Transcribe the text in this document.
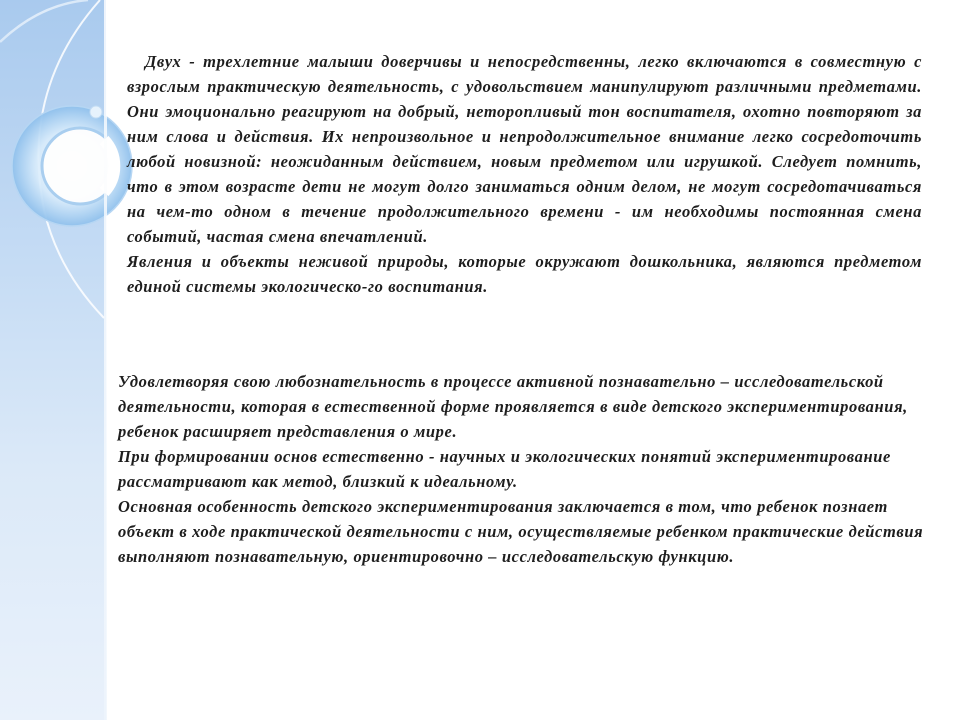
Двух - трехлетние малыши доверчивы и непосредственны, легко включаются в совместную с взрослым практическую деятельность, с удовольствием манипулируют различными предметами. Они эмоционально реагируют на добрый, неторопливый тон воспитателя, охотно повторяют за ним слова и действия. Их непроизвольное и непродолжительное внимание легко сосредоточить любой новизной: неожиданным действием, новым предметом или игрушкой. Следует помнить, что в этом возрасте дети не могут долго заниматься одним делом, не могут сосредотачиваться на чем-то одном в течение продолжительного времени - им необходимы постоянная смена событий, частая смена впечатлений.

Явления и объекты неживой природы, которые окружают дошкольника, являются предметом единой системы экологическо-го воспитания.

Удовлетворяя свою любознательность в процессе активной познавательно – исследовательской деятельности, которая в естественной форме проявляется в виде детского экспериментирования, ребенок расширяет представления о мире.

При формировании основ естественно - научных и экологических понятий экспериментирование рассматривают как метод, близкий к идеальному.

Основная особенность детского экспериментирования заключается в том, что ребенок познает объект в ходе практической деятельности с ним, осуществляемые ребенком практические действия выполняют познавательную, ориентировочно – исследовательскую функцию.
